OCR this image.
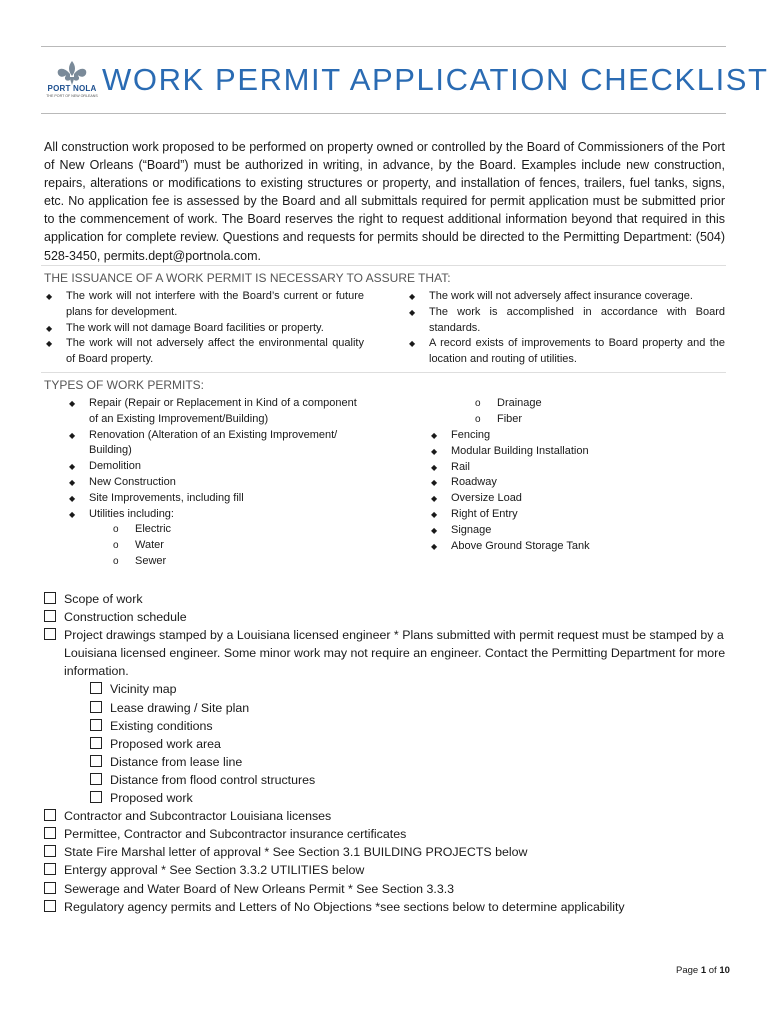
PORT NOLA
THE PORT OF NEW ORLEANS WORK PERMIT APPLICATION CHECKLIST
All construction work proposed to be performed on property owned or controlled by the Board of Commissioners of the Port of New Orleans (“Board”) must be authorized in writing, in advance, by the Board. Examples include new construction, repairs, alterations or modifications to existing structures or property, and installation of fences, trailers, fuel tanks, signs, etc. No application fee is assessed by the Board and all submittals required for permit application must be submitted prior to the commencement of work. The Board reserves the right to request additional information beyond that required in this application for complete review. Questions and requests for permits should be directed to the Permitting Department: (504) 528-3450, permits.dept@portnola.com.
THE ISSUANCE OF A WORK PERMIT IS NECESSARY TO ASSURE THAT:
◆ The work will not interfere with the Board’s current or future plans for development.
◆ The work will not damage Board facilities or property.
◆ The work will not adversely affect the environmental quality of Board property.
◆ The work will not adversely affect insurance coverage.
◆ The work is accomplished in accordance with Board standards.
◆ A record exists of improvements to Board property and the location and routing of utilities.
TYPES OF WORK PERMITS:
◆ Repair (Repair or Replacement in Kind of a component of an Existing Improvement/Building)
◆ Renovation (Alteration of an Existing Improvement/ Building)
◆ Demolition
◆ New Construction
◆ Site Improvements, including fill
◆ Utilities including:
o Electric
o Water
o Sewer
o Drainage
o Fiber
◆ Fencing
◆ Modular Building Installation
◆ Rail
◆ Roadway
◆ Oversize Load
◆ Right of Entry
◆ Signage
◆ Above Ground Storage Tank
Scope of work
Construction schedule
Project drawings stamped by a Louisiana licensed engineer * Plans submitted with permit request must be stamped by a Louisiana licensed engineer. Some minor work may not require an engineer. Contact the Permitting Department for more information.
Vicinity map
Lease drawing / Site plan
Existing conditions
Proposed work area
Distance from lease line
Distance from flood control structures
Proposed work
Contractor and Subcontractor Louisiana licenses
Permittee, Contractor and Subcontractor insurance certificates
State Fire Marshal letter of approval * See Section 3.1 BUILDING PROJECTS below
Entergy approval * See Section 3.3.2 UTILITIES below
Sewerage and Water Board of New Orleans Permit * See Section 3.3.3
Regulatory agency permits and Letters of No Objections *see sections below to determine applicability
Page 1 of 10
